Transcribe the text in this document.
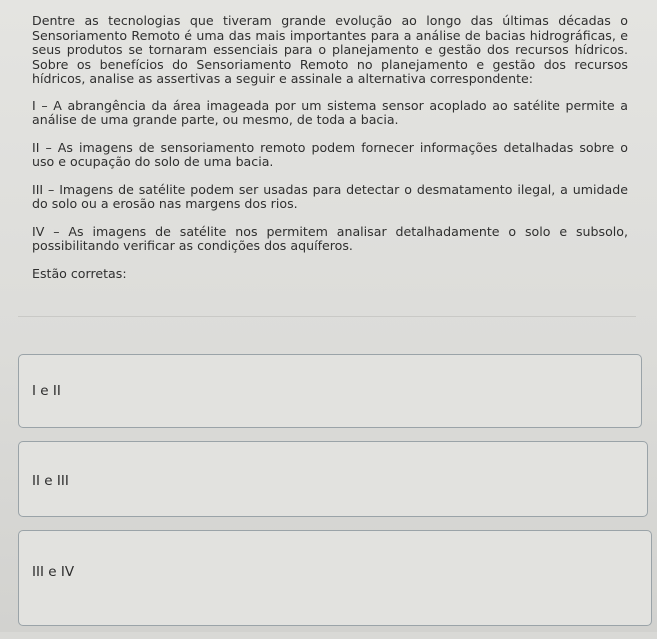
Dentre as tecnologias que tiveram grande evolução ao longo das últimas décadas o Sensoriamento Remoto é uma das mais importantes para a análise de bacias hidrográficas, e seus produtos se tornaram essenciais para o planejamento e gestão dos recursos hídricos. Sobre os benefícios do Sensoriamento Remoto no planejamento e gestão dos recursos hídricos, analise as assertivas a seguir e assinale a alternativa correspondente:

I – A abrangência da área imageada por um sistema sensor acoplado ao satélite permite a análise de uma grande parte, ou mesmo, de toda a bacia.

II – As imagens de sensoriamento remoto podem fornecer informações detalhadas sobre o uso e ocupação do solo de uma bacia.

III – Imagens de satélite podem ser usadas para detectar o desmatamento ilegal, a umidade do solo ou a erosão nas margens dos rios.

IV – As imagens de satélite nos permitem analisar detalhadamente o solo e subsolo, possibilitando verificar as condições dos aquíferos.

Estão corretas:

I e II
II e III
III e IV
